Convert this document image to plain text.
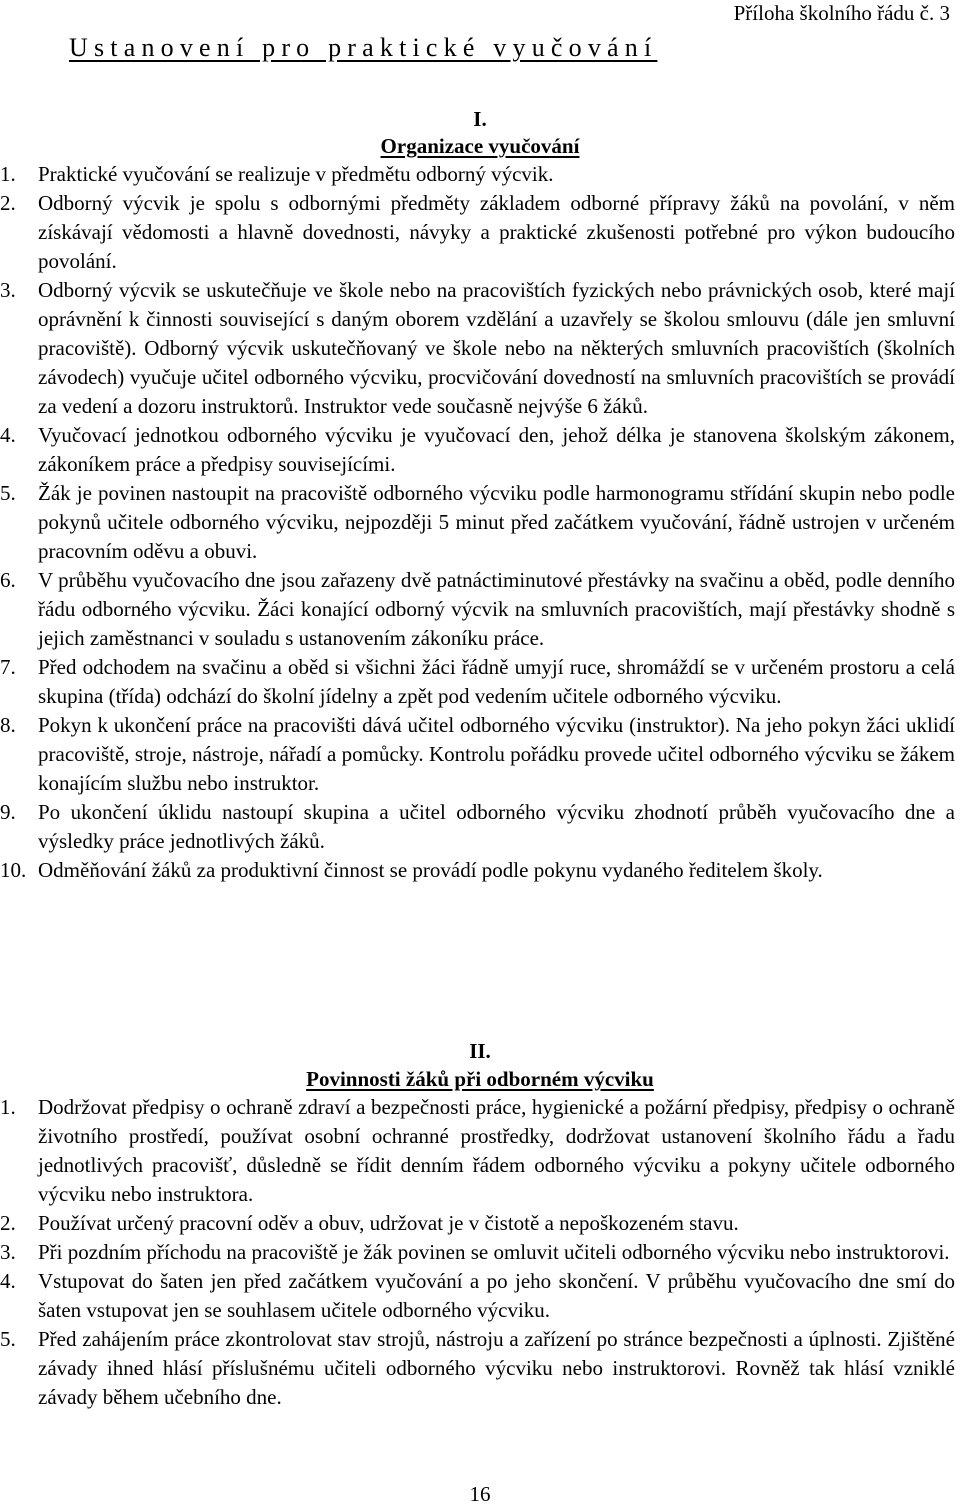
Příloha školního řádu č. 3
Ustanovení pro praktické vyučování
I.
Organizace vyučování
1. Praktické vyučování se realizuje v předmětu odborný výcvik.
2. Odborný výcvik je spolu s odbornými předměty základem odborné přípravy žáků na povolání, v něm získávají vědomosti a hlavně dovednosti, návyky a praktické zkušenosti potřebné pro výkon budoucího povolání.
3. Odborný výcvik se uskutečňuje ve škole nebo na pracovištích fyzických nebo právnických osob, které mají oprávnění k činnosti související s daným oborem vzdělání a uzavřely se školou smlouvu (dále jen smluvní pracoviště). Odborný výcvik uskutečňovaný ve škole nebo na některých smluvních pracovištích (školních závodech) vyučuje učitel odborného výcviku, procvičování dovedností na smluvních pracovištích se provádí za vedení a dozoru instruktorů. Instruktor vede současně nejvýše 6 žáků.
4. Vyučovací jednotkou odborného výcviku je vyučovací den, jehož délka je stanovena školským zákonem, zákoníkem práce a předpisy souvisejícími.
5. Žák je povinen nastoupit na pracoviště odborného výcviku podle harmonogramu střídání skupin nebo podle pokynů učitele odborného výcviku, nejpozději 5 minut před začátkem vyučování, řádně ustrojen v určeném pracovním oděvu a obuvi.
6. V průběhu vyučovacího dne jsou zařazeny dvě patnáctiminutové přestávky na svačinu a oběd, podle denního řádu odborného výcviku. Žáci konající odborný výcvik na smluvních pracovištích, mají přestávky shodně s jejich zaměstnanci v souladu s ustanovením zákoníku práce.
7. Před odchodem na svačinu a oběd si všichni žáci řádně umyjí ruce, shromáždí se v určeném prostoru a celá skupina (třída) odchází do školní jídelny a zpět pod vedením učitele odborného výcviku.
8. Pokyn k ukončení práce na pracovišti dává učitel odborného výcviku (instruktor). Na jeho pokyn žáci uklidí pracoviště, stroje, nástroje, nářadí a pomůcky. Kontrolu pořádku provede učitel odborného výcviku se žákem konajícím službu nebo instruktor.
9. Po ukončení úklidu nastoupí skupina a učitel odborného výcviku zhodnotí průběh vyučovacího dne a výsledky práce jednotlivých žáků.
10. Odměňování žáků za produktivní činnost se provádí podle pokynu vydaného ředitelem školy.
II.
Povinnosti žáků při odborném výcviku
1. Dodržovat předpisy o ochraně zdraví a bezpečnosti práce, hygienické a požární předpisy, předpisy o ochraně životního prostředí, používat osobní ochranné prostředky, dodržovat ustanovení školního řádu a řadu jednotlivých pracovišť, důsledně se řídit denním řádem odborného výcviku a pokyny učitele odborného výcviku nebo instruktora.
2. Používat určený pracovní oděv a obuv, udržovat je v čistotě a nepoškozeném stavu.
3. Při pozdním příchodu na pracoviště je žák povinen se omluvit učiteli odborného výcviku nebo instruktorovi.
4. Vstupovat do šaten jen před začátkem vyučování a po jeho skončení. V průběhu vyučovacího dne smí do šaten vstupovat jen se souhlasem učitele odborného výcviku.
5. Před zahájením práce zkontrolovat stav strojů, nástroju a zařízení po stránce bezpečnosti a úplnosti. Zjištěné závady ihned hlásí příslušnému učiteli odborného výcviku nebo instruktorovi. Rovněž tak hlásí vzniklé závady během učebního dne.
16
